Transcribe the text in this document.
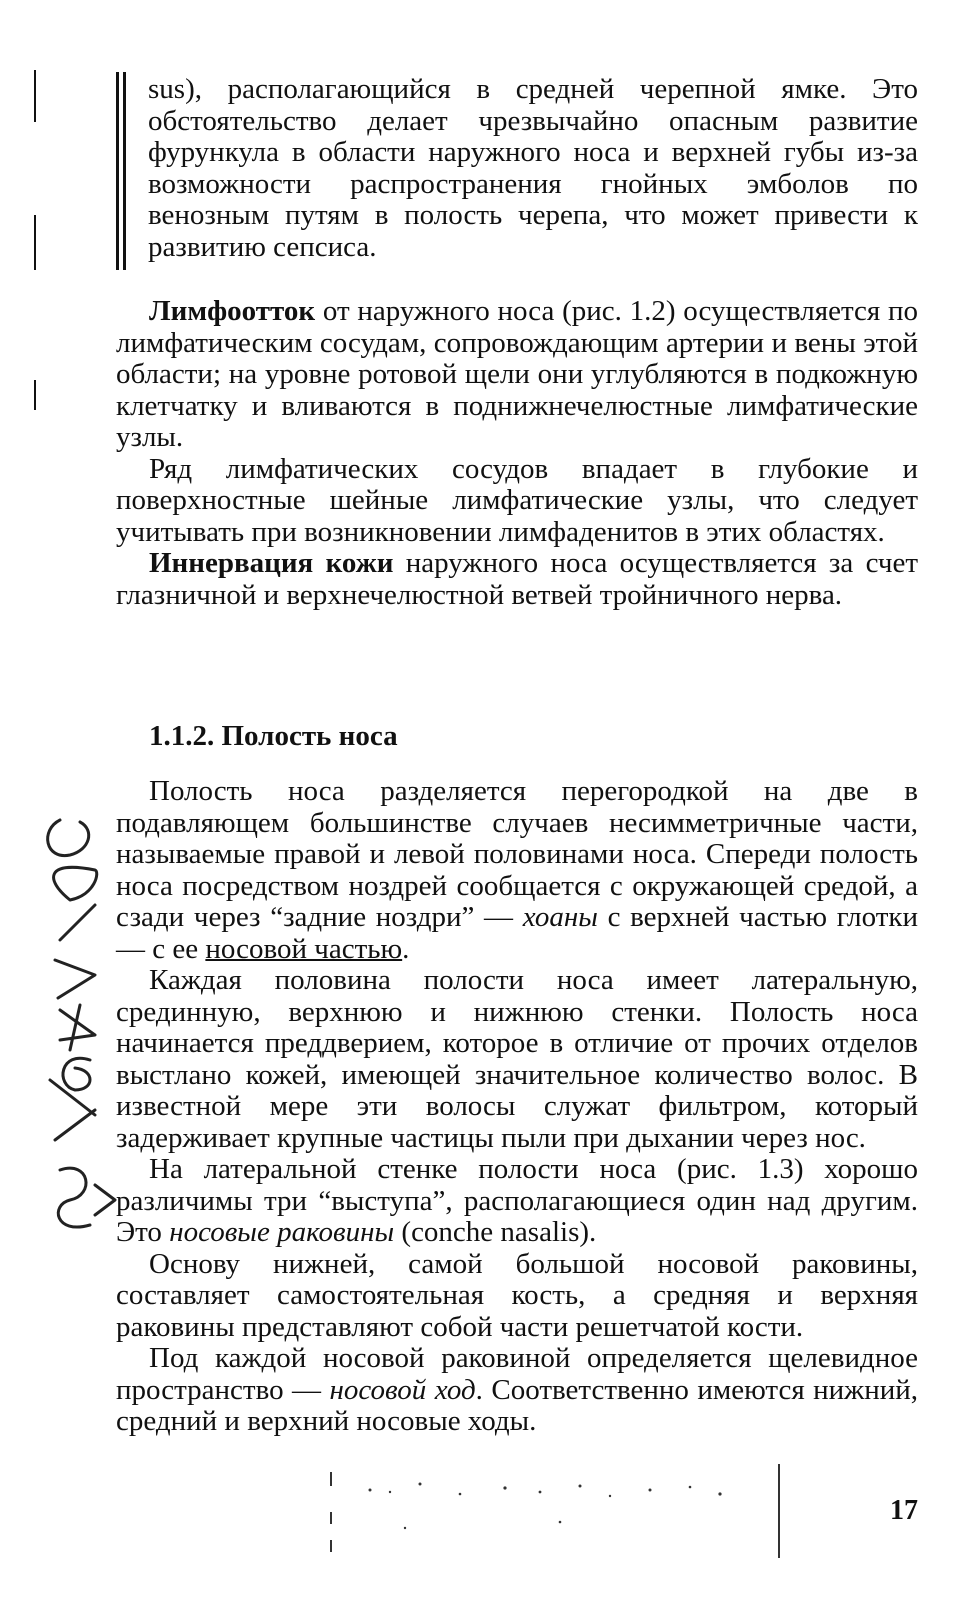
sus), располагающийся в средней черепной ямке. Это обстоятельство делает чрезвычайно опасным развитие фурункула в области наружного носа и верхней губы из-за возможности распространения гнойных эмболов по венозным путям в полость черепа, что может привести к развитию сепсиса.

Лимфоотток от наружного носа (рис. 1.2) осуществляется по лимфатическим сосудам, сопровождающим артерии и вены этой области; на уровне ротовой щели они углубляются в подкожную клетчатку и вливаются в поднижнечелюстные лимфатические узлы.

Ряд лимфатических сосудов впадает в глубокие и поверхностные шейные лимфатические узлы, что следует учитывать при возникновении лимфаденитов в этих областях.

Иннервация кожи наружного носа осуществляется за счет глазничной и верхнечелюстной ветвей тройничного нерва.

1.1.2. Полость носа

Полость носа разделяется перегородкой на две в подавляющем большинстве случаев несимметричные части, называемые правой и левой половинами носа. Спереди полость носа посредством ноздрей сообщается с окружающей средой, а сзади через “задние ноздри” — хоаны с верхней частью глотки — с ее носовой частью.

Каждая половина полости носа имеет латеральную, срединную, верхнюю и нижнюю стенки. Полость носа начинается преддверием, которое в отличие от прочих отделов выстлано кожей, имеющей значительное количество волос. В известной мере эти волосы служат фильтром, который задерживает крупные частицы пыли при дыхании через нос.

На латеральной стенке полости носа (рис. 1.3) хорошо различимы три “выступа”, располагающиеся один над другим. Это носовые раковины (conche nasalis).

Основу нижней, самой большой носовой раковины, составляет самостоятельная кость, а средняя и верхняя раковины представляют собой части решетчатой кости.

Под каждой носовой раковиной определяется щелевидное пространство — носовой ход. Соответственно имеются нижний, средний и верхний носовые ходы.

17
